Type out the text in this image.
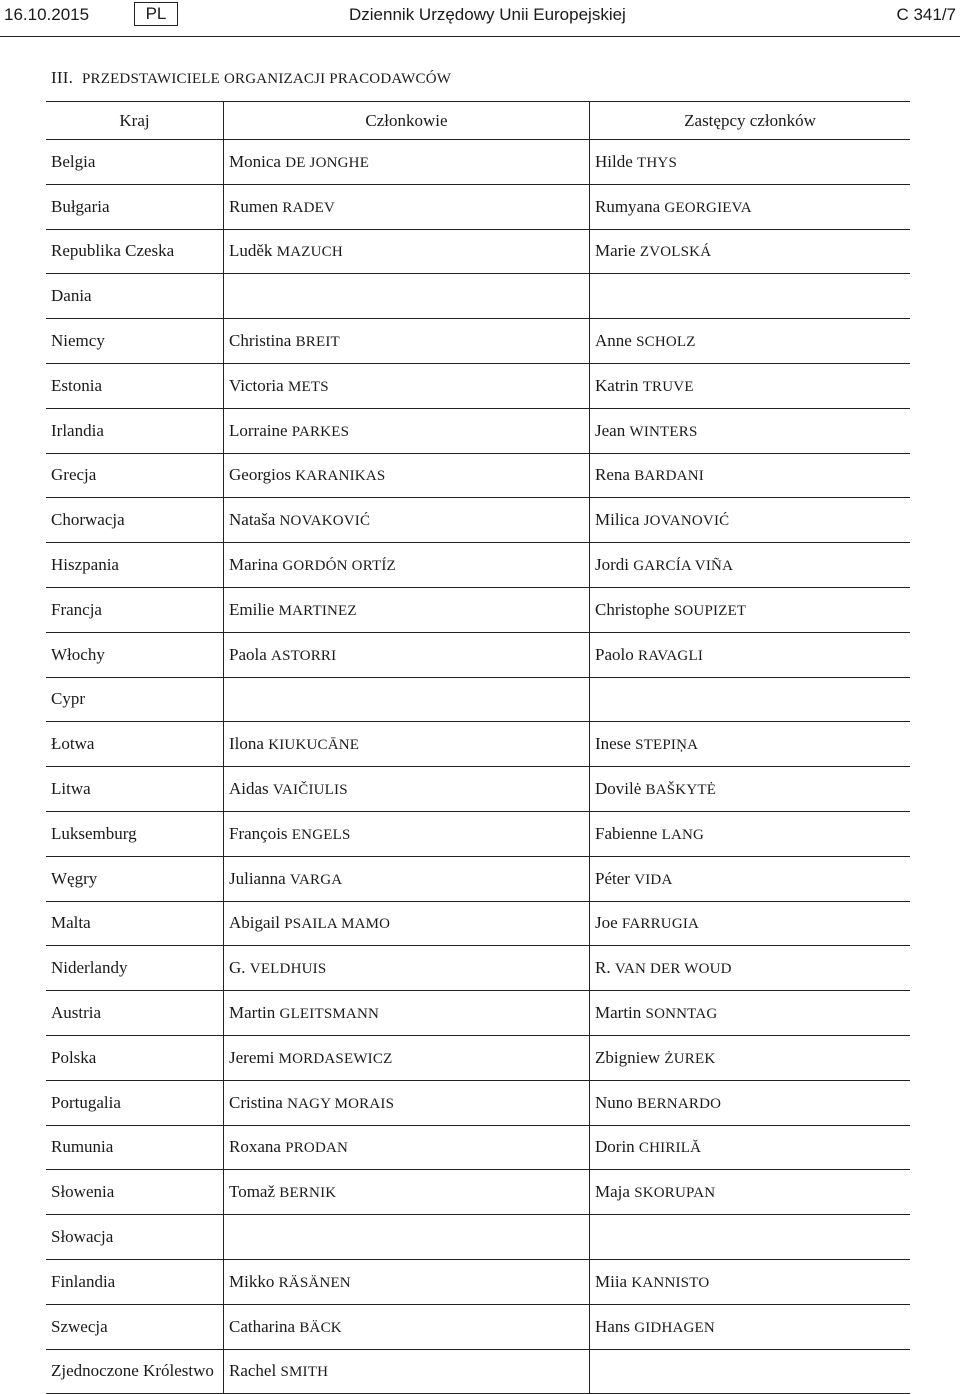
16.10.2015	PL	Dziennik Urzędowy Unii Europejskiej	C 341/7
III. PRZEDSTAWICIELE ORGANIZACJI PRACODAWCÓW
Kraj	Członkowie	Zastępcy członków
Belgia	Monica DE JONGHE	Hilde THYS
Bułgaria	Rumen RADEV	Rumyana GEORGIEVA
Republika Czeska	Luděk MAZUCH	Marie ZVOLSKÁ
Dania		
Niemcy	Christina BREIT	Anne SCHOLZ
Estonia	Victoria METS	Katrin TRUVE
Irlandia	Lorraine PARKES	Jean WINTERS
Grecja	Georgios KARANIKAS	Rena BARDANI
Chorwacja	Nataša NOVAKOVIĆ	Milica JOVANOVIĆ
Hiszpania	Marina GORDÓN ORTÍZ	Jordi GARCÍA VIÑA
Francja	Emilie MARTINEZ	Christophe SOUPIZET
Włochy	Paola ASTORRI	Paolo RAVAGLI
Cypr		
Łotwa	Ilona KIUKUCĀNE	Inese STEPIŅA
Litwa	Aidas VAIČIULIS	Dovilė BAŠKYTĖ
Luksemburg	François ENGELS	Fabienne LANG
Węgry	Julianna VARGA	Péter VIDA
Malta	Abigail PSAILA MAMO	Joe FARRUGIA
Niderlandy	G. VELDHUIS	R. VAN DER WOUD
Austria	Martin GLEITSMANN	Martin SONNTAG
Polska	Jeremi MORDASEWICZ	Zbigniew ŻUREK
Portugalia	Cristina NAGY MORAIS	Nuno BERNARDO
Rumunia	Roxana PRODAN	Dorin CHIRILĂ
Słowenia	Tomaž BERNIK	Maja SKORUPAN
Słowacja		
Finlandia	Mikko RÄSÄNEN	Miia KANNISTO
Szwecja	Catharina BÄCK	Hans GIDHAGEN
Zjednoczone Królestwo	Rachel SMITH	
